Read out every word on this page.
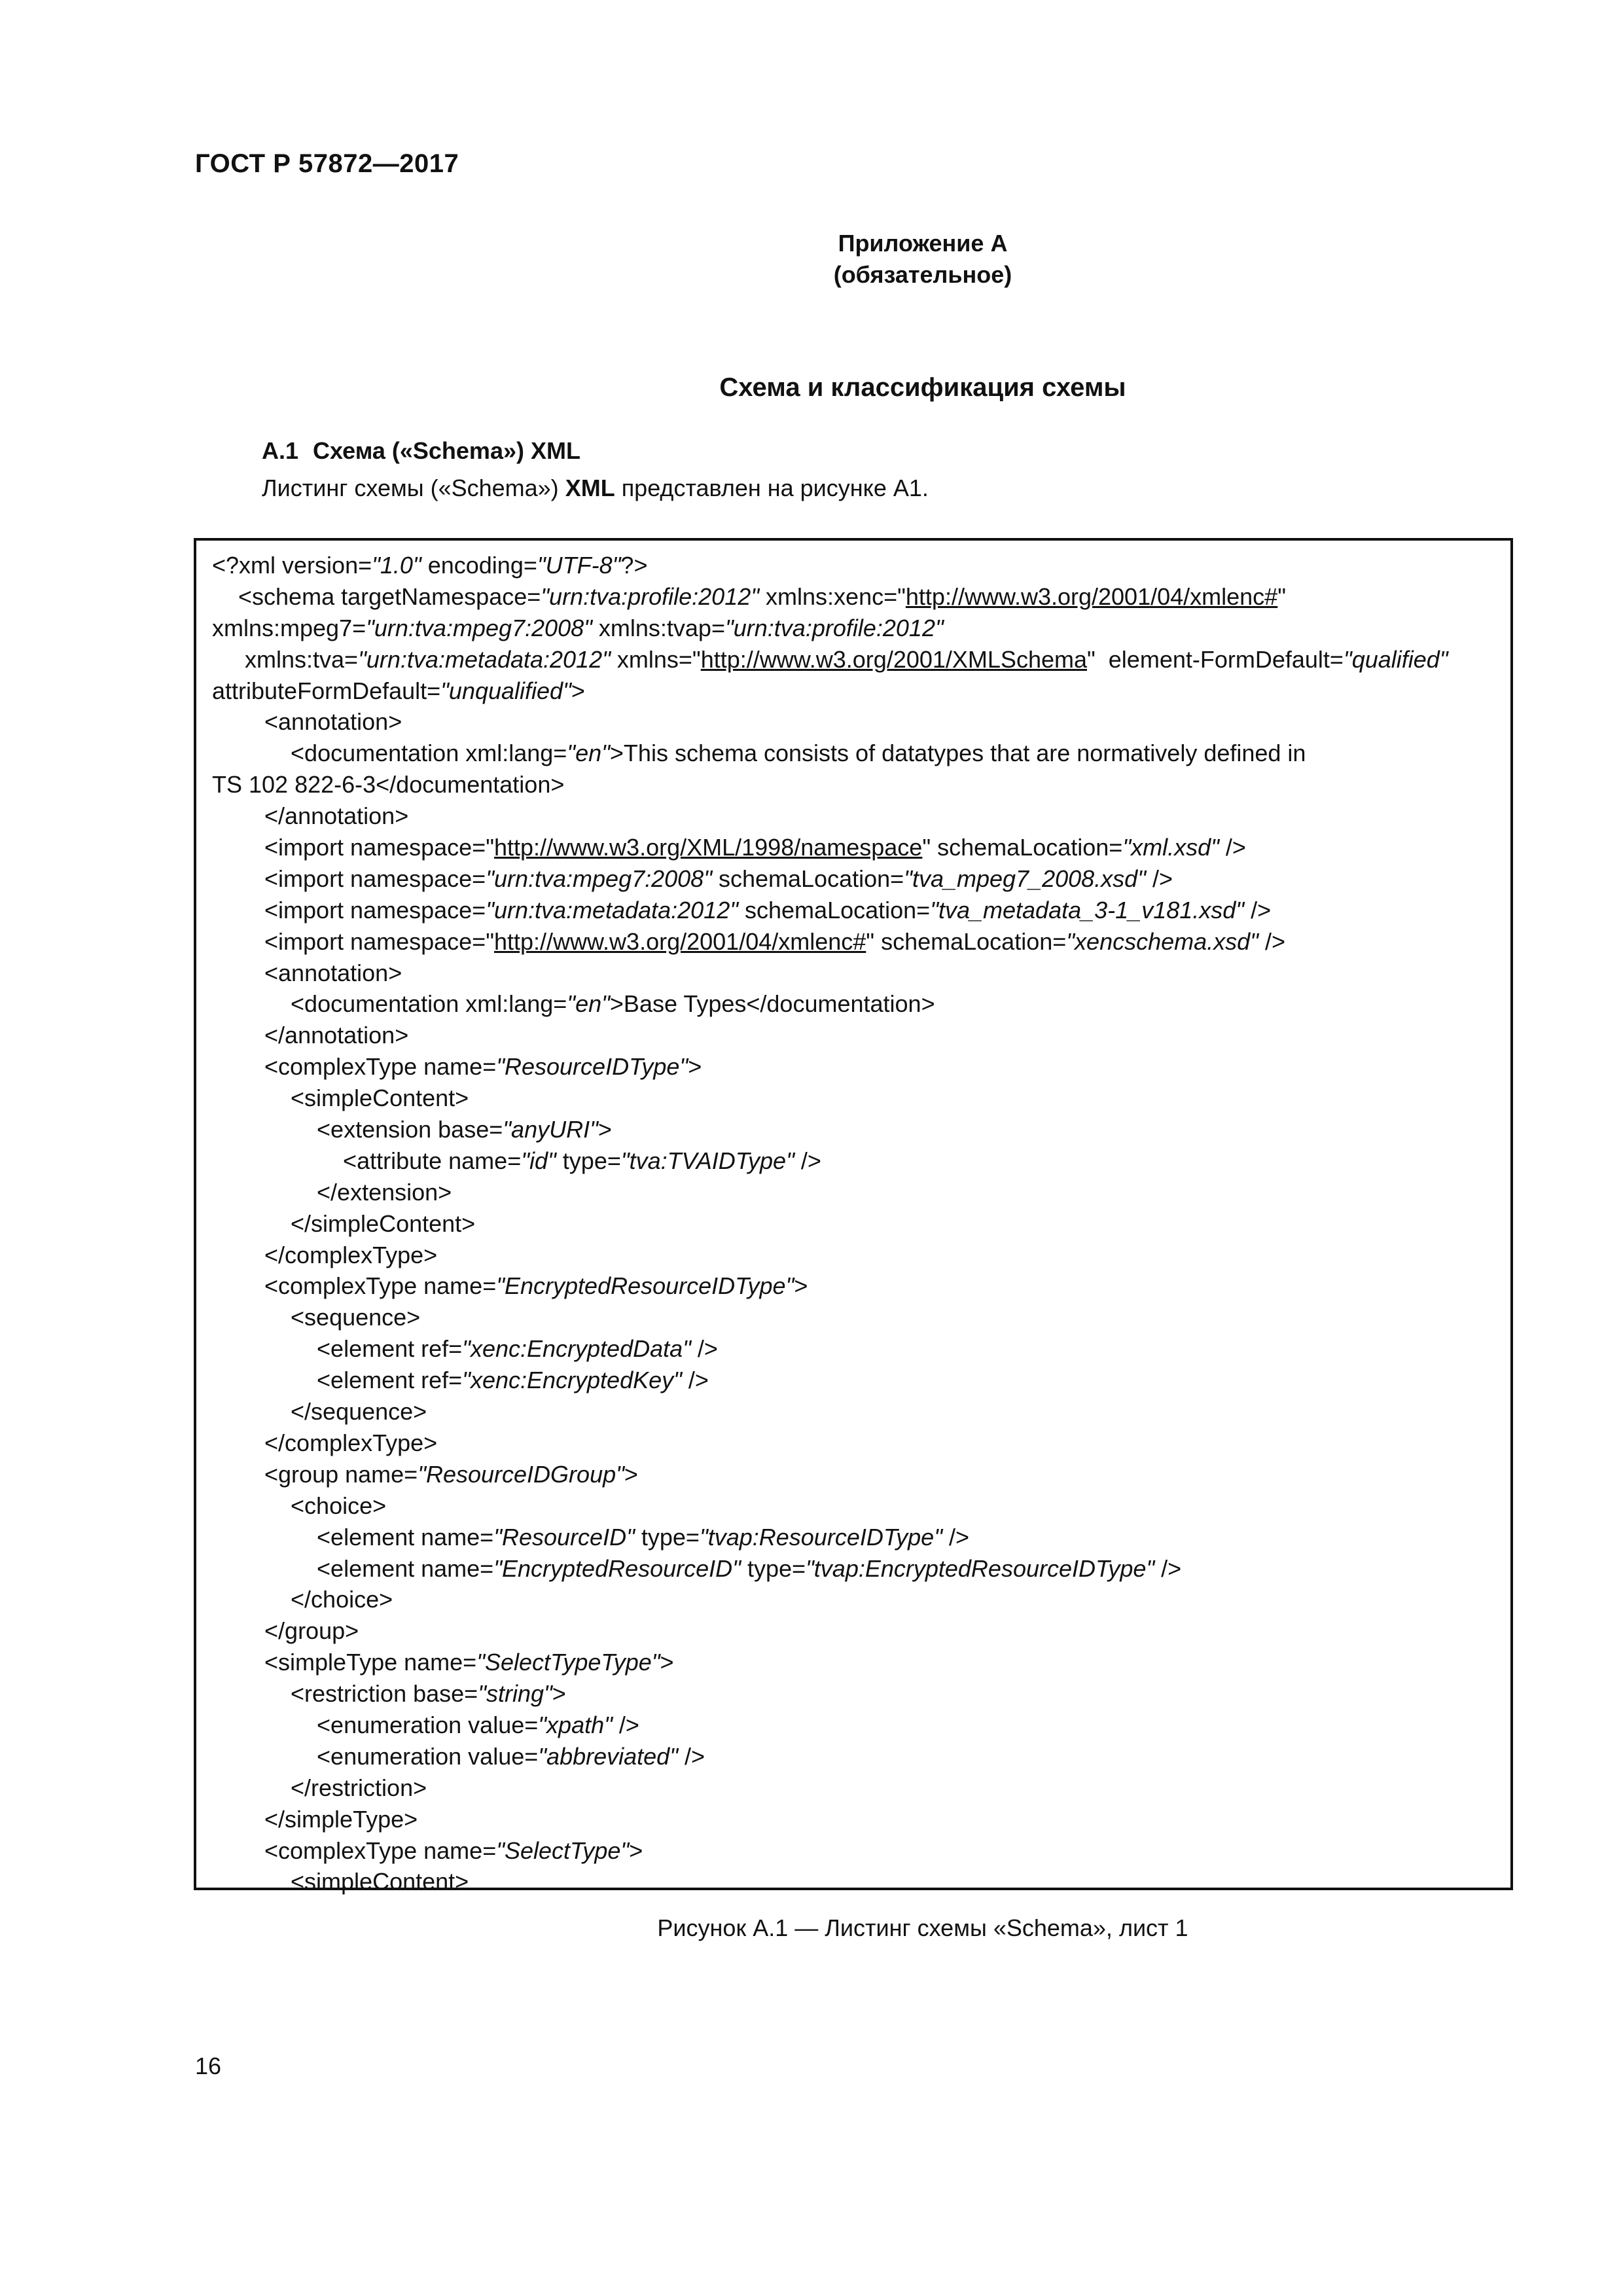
ГОСТ Р 57872—2017
Приложение А
(обязательное)
Схема и классификация схемы
А.1 Схема («Schema») XML
Листинг схемы («Schema») XML представлен на рисунке А1.
<?xml version="1.0" encoding="UTF-8"?>
<schema targetNamespace="urn:tva:profile:2012" xmlns:xenc="http://www.w3.org/2001/04/xmlenc#"
xmlns:mpeg7="urn:tva:mpeg7:2008" xmlns:tvap="urn:tva:profile:2012"
xmlns:tva="urn:tva:metadata:2012" xmlns="http://www.w3.org/2001/XMLSchema"  element-FormDefault="qualified"
attributeFormDefault="unqualified">
<annotation>
<documentation xml:lang="en">This schema consists of datatypes that are normatively defined in
TS 102 822-6-3</documentation>
</annotation>
<import namespace="http://www.w3.org/XML/1998/namespace" schemaLocation="xml.xsd" />
<import namespace="urn:tva:mpeg7:2008" schemaLocation="tva_mpeg7_2008.xsd" />
<import namespace="urn:tva:metadata:2012" schemaLocation="tva_metadata_3-1_v181.xsd" />
<import namespace="http://www.w3.org/2001/04/xmlenc#" schemaLocation="xencschema.xsd" />
<annotation>
<documentation xml:lang="en">Base Types</documentation>
</annotation>
<complexType name="ResourceIDType">
<simpleContent>
<extension base="anyURI">
<attribute name="id" type="tva:TVAIDType" />
</extension>
</simpleContent>
</complexType>
<complexType name="EncryptedResourceIDType">
<sequence>
<element ref="xenc:EncryptedData" />
<element ref="xenc:EncryptedKey" />
</sequence>
</complexType>
<group name="ResourceIDGroup">
<choice>
<element name="ResourceID" type="tvap:ResourceIDType" />
<element name="EncryptedResourceID" type="tvap:EncryptedResourceIDType" />
</choice>
</group>
<simpleType name="SelectTypeType">
<restriction base="string">
<enumeration value="xpath" />
<enumeration value="abbreviated" />
</restriction>
</simpleType>
<complexType name="SelectType">
<simpleContent>
Рисунок А.1 — Листинг схемы «Schema», лист 1
16
